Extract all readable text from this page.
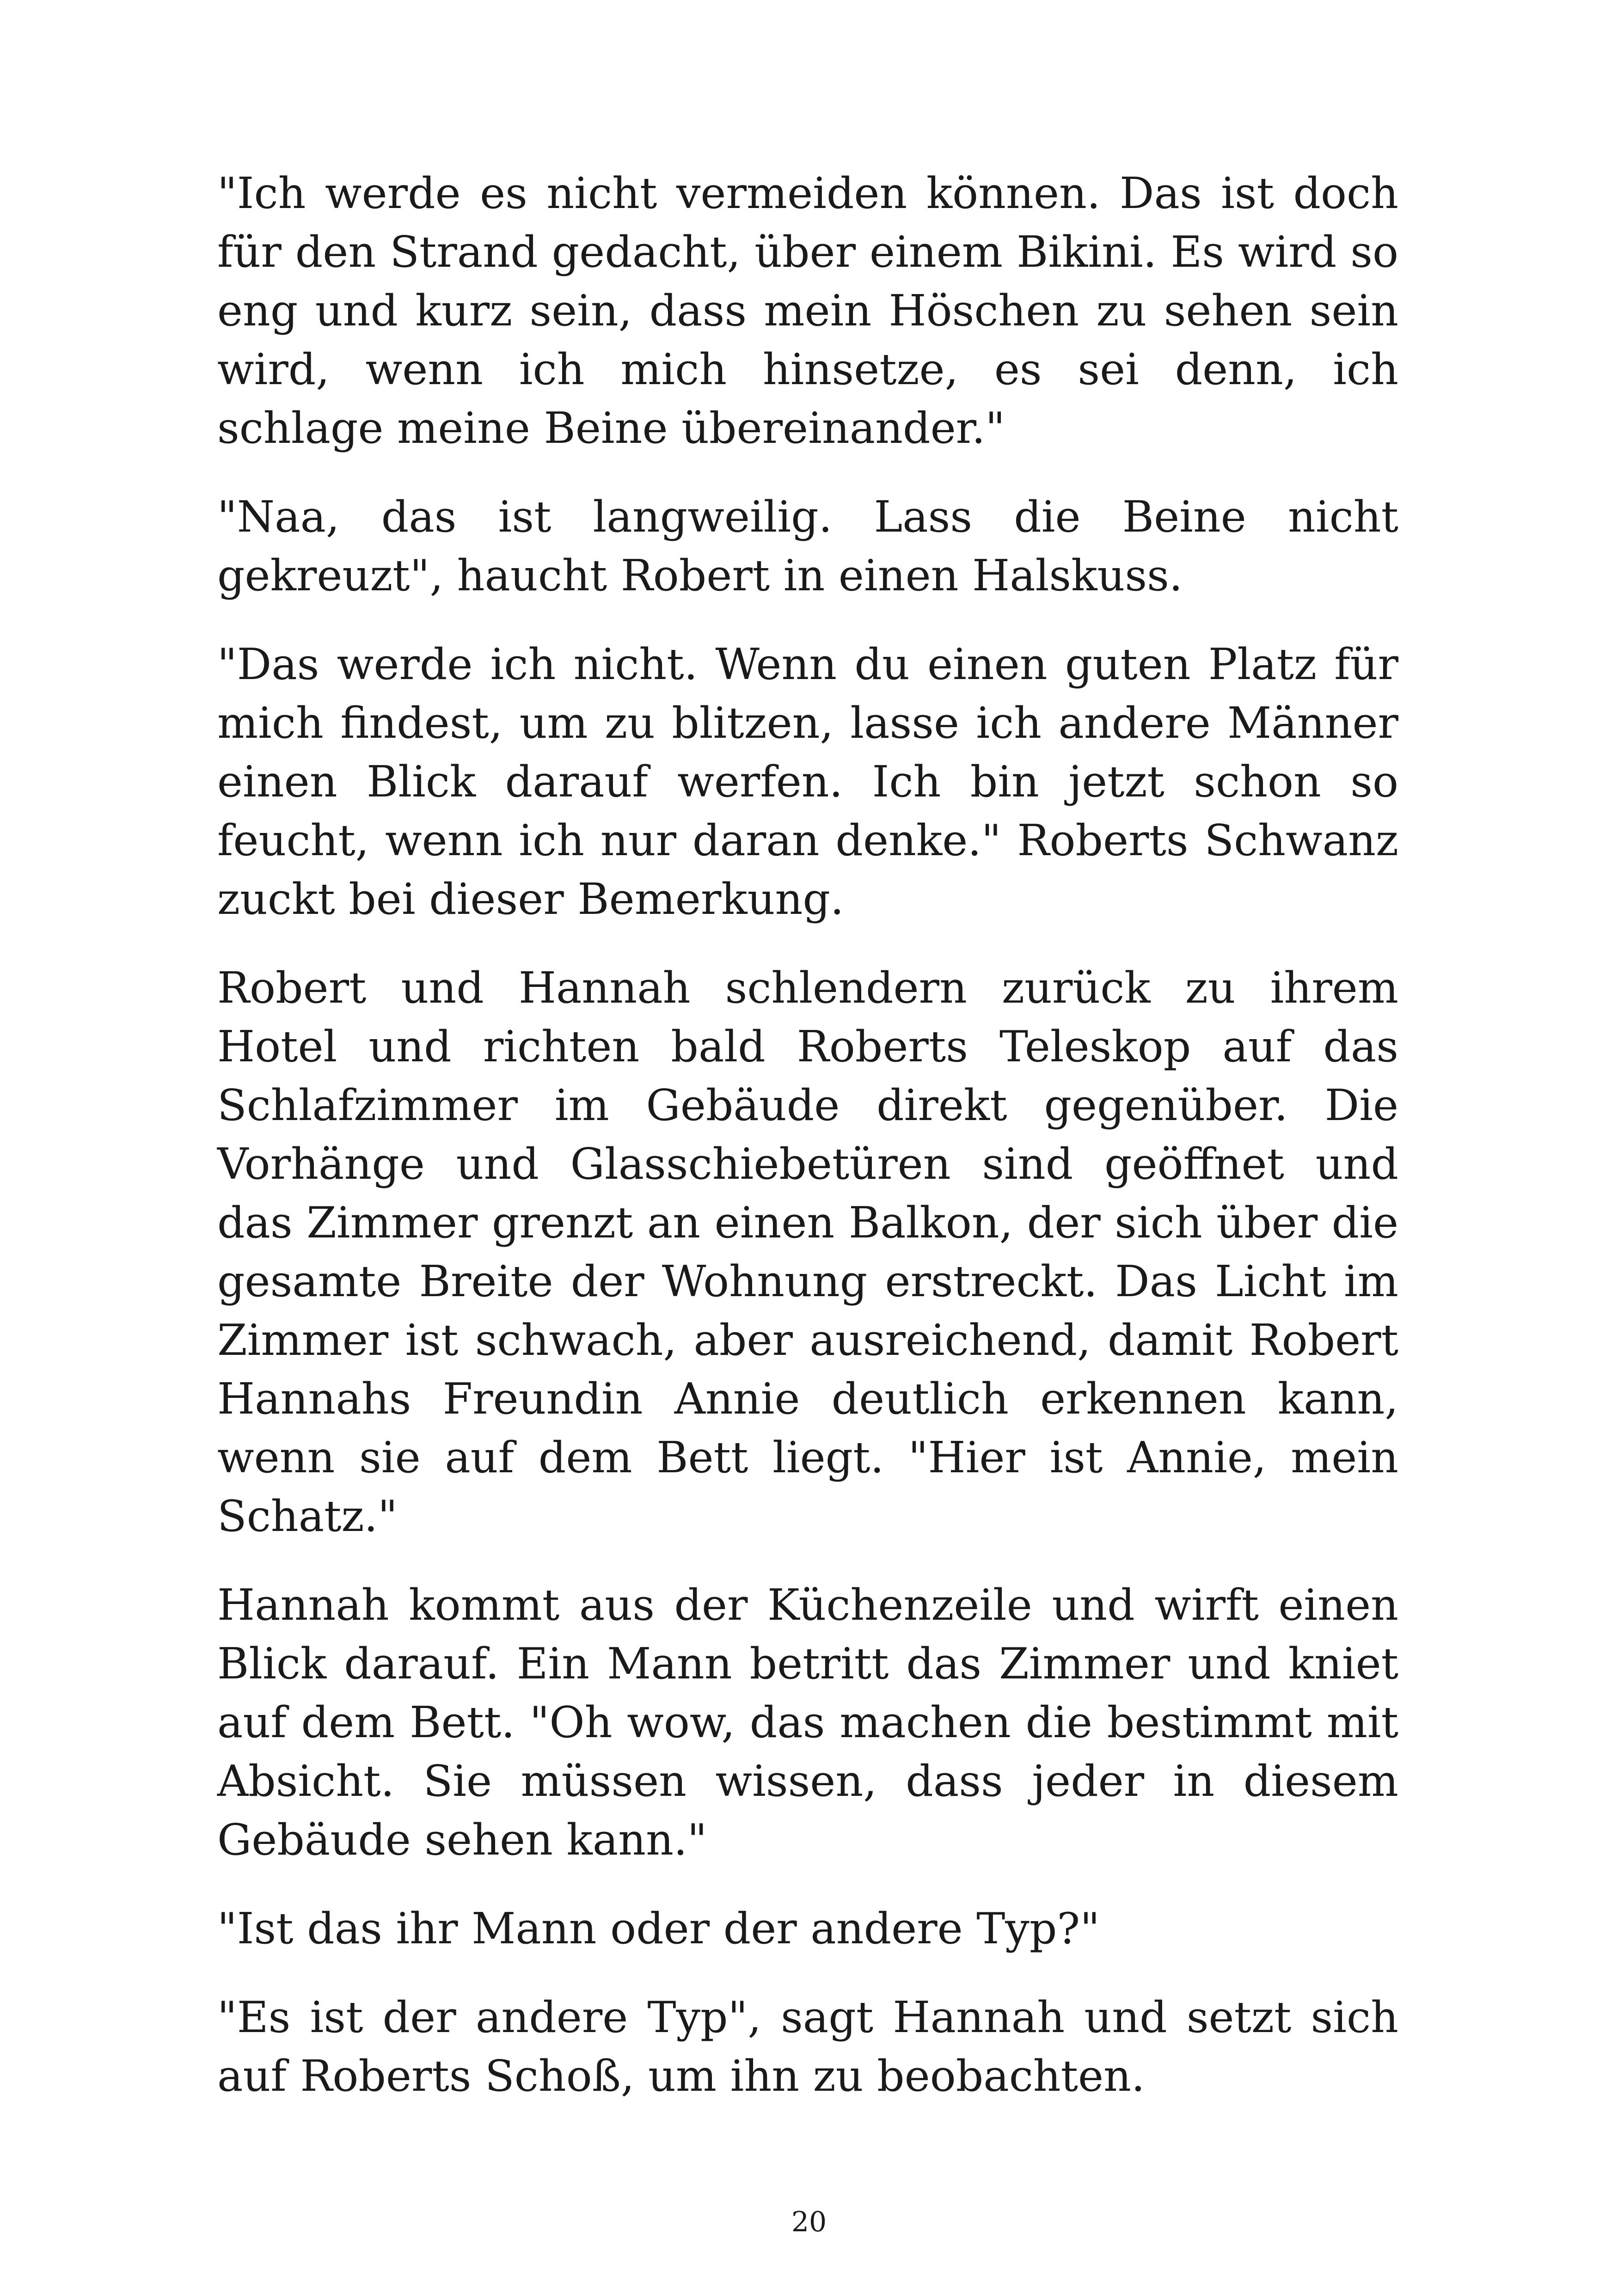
"Ich werde es nicht vermeiden können. Das ist doch für den Strand gedacht, über einem Bikini. Es wird so eng und kurz sein, dass mein Höschen zu sehen sein wird, wenn ich mich hinsetze, es sei denn, ich schlage meine Beine übereinander."

"Naa, das ist langweilig. Lass die Beine nicht gekreuzt", haucht Robert in einen Halskuss.

"Das werde ich nicht. Wenn du einen guten Platz für mich findest, um zu blitzen, lasse ich andere Männer einen Blick darauf werfen. Ich bin jetzt schon so feucht, wenn ich nur daran denke." Roberts Schwanz zuckt bei dieser Bemerkung.

Robert und Hannah schlendern zurück zu ihrem Hotel und richten bald Roberts Teleskop auf das Schlafzimmer im Gebäude direkt gegenüber. Die Vorhänge und Glasschiebetüren sind geöffnet und das Zimmer grenzt an einen Balkon, der sich über die gesamte Breite der Wohnung erstreckt. Das Licht im Zimmer ist schwach, aber ausreichend, damit Robert Hannahs Freundin Annie deutlich erkennen kann, wenn sie auf dem Bett liegt. "Hier ist Annie, mein Schatz."

Hannah kommt aus der Küchenzeile und wirft einen Blick darauf. Ein Mann betritt das Zimmer und kniet auf dem Bett. "Oh wow, das machen die bestimmt mit Absicht. Sie müssen wissen, dass jeder in diesem Gebäude sehen kann."

"Ist das ihr Mann oder der andere Typ?"

"Es ist der andere Typ", sagt Hannah und setzt sich auf Roberts Schoß, um ihn zu beobachten.

20
